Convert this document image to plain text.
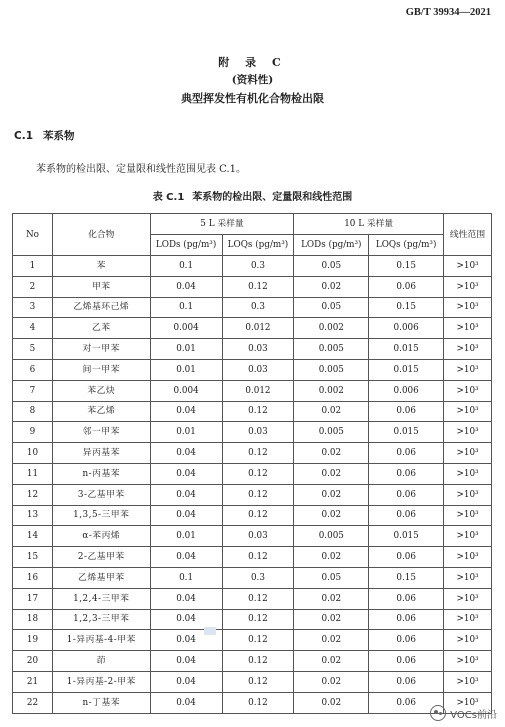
GB/T 39934—2021
附 录 C
(资料性)
典型挥发性有机化合物检出限
C.1 苯系物
苯系物的检出限、定量限和线性范围见表 C.1。
表 C.1 苯系物的检出限、定量限和线性范围
No	化合物	5 L 采样量		10 L 采样量		线性范围
		LODs (pg/m³)	LOQs (pg/m³)	LODs (pg/m³)	LOQs (pg/m³)	
1	苯	0.1	0.3	0.05	0.15	>10³
2	甲苯	0.04	0.12	0.02	0.06	>10³
3	乙烯基环己烯	0.1	0.3	0.05	0.15	>10³
4	乙苯	0.004	0.012	0.002	0.006	>10³
5	对一甲苯	0.01	0.03	0.005	0.015	>10³
6	间一甲苯	0.01	0.03	0.005	0.015	>10³
7	苯乙炔	0.004	0.012	0.002	0.006	>10³
8	苯乙烯	0.04	0.12	0.02	0.06	>10³
9	邻一甲苯	0.01	0.03	0.005	0.015	>10³
10	异丙基苯	0.04	0.12	0.02	0.06	>10³
11	n-丙基苯	0.04	0.12	0.02	0.06	>10³
12	3-乙基甲苯	0.04	0.12	0.02	0.06	>10³
13	1,3,5-三甲苯	0.04	0.12	0.02	0.06	>10³
14	α-苯丙烯	0.01	0.03	0.005	0.015	>10³
15	2-乙基甲苯	0.04	0.12	0.02	0.06	>10³
16	乙烯基甲苯	0.1	0.3	0.05	0.15	>10³
17	1,2,4-三甲苯	0.04	0.12	0.02	0.06	>10³
18	1,2,3-三甲苯	0.04	0.12	0.02	0.06	>10³
19	1-异丙基-4-甲苯	0.04	0.12	0.02	0.06	>10³
20	茚	0.04	0.12	0.02	0.06	>10³
21	1-异丙基-2-甲苯	0.04	0.12	0.02	0.06	>10³
22	n-丁基苯	0.04	0.12	0.02	0.06	>10³
VOCs前沿
